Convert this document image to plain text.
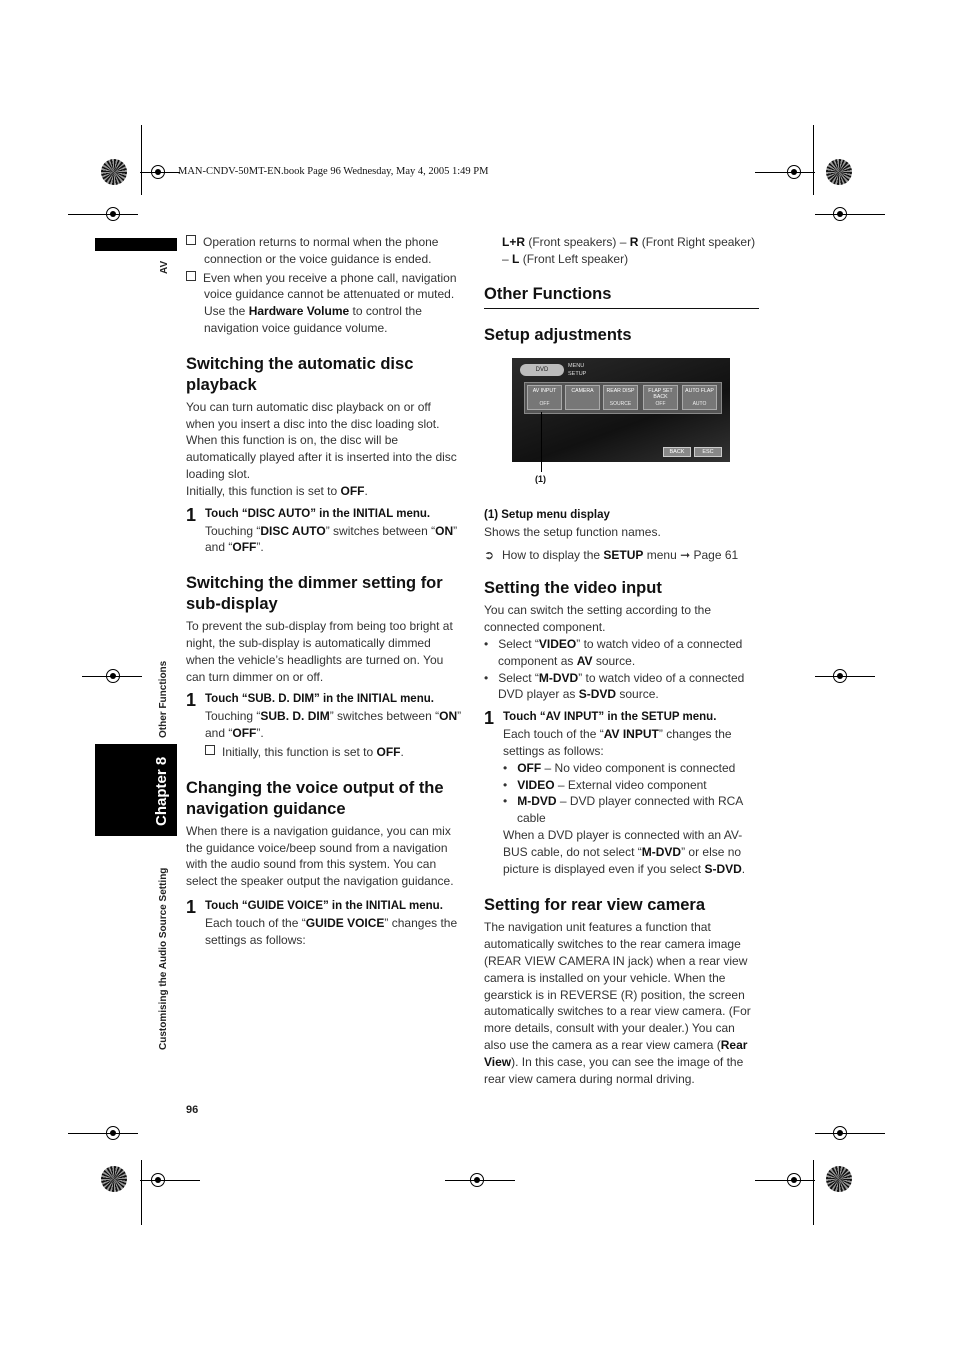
MAN-CNDV-50MT-EN.book Page 96 Wednesday, May 4, 2005 1:49 PM
AV
Chapter 8
Other Functions
Customising the Audio Source Setting
96

Operation returns to normal when the phone connection or the voice guidance is ended.

Even when you receive a phone call, navigation voice guidance cannot be attenuated or muted. Use the Hardware Volume to control the navigation voice guidance volume.

Switching the automatic disc playback

You can turn automatic disc playback on or off when you insert a disc into the disc loading slot. When this function is on, the disc will be automatically played after it is inserted into the disc loading slot.

Initially, this function is set to OFF.

1 Touch “DISC AUTO” in the INITIAL menu.

Touching “DISC AUTO” switches between “ON” and “OFF”.

Switching the dimmer setting for sub-display

To prevent the sub-display from being too bright at night, the sub-display is automatically dimmed when the vehicle’s headlights are turned on. You can turn dimmer on or off.

1 Touch “SUB. D. DIM” in the INITIAL menu.

Touching “SUB. D. DIM” switches between “ON” and “OFF”.

Initially, this function is set to OFF.

Changing the voice output of the navigation guidance

When there is a navigation guidance, you can mix the guidance voice/beep sound from a navigation with the audio sound from this system. You can select the speaker output the navigation guidance.

1 Touch “GUIDE VOICE” in the INITIAL menu.

Each touch of the “GUIDE VOICE” changes the settings as follows:

L+R (Front speakers) – R (Front Right speaker) – L (Front Left speaker)

Other Functions
Setup adjustments
DVD
MENU
SETUP
AV INPUT
OFF
CAMERA	REAR DISP
SOURCE
FLAP SET BACK
OFF
AUTO FLAP
AUTO
BACK	ESC
(1)
(1) Setup menu display

Shows the setup function names.

➲ How to display the SETUP menu ➞ Page 61

Setting the video input

You can switch the setting according to the connected component.

•   Select “VIDEO” to watch video of a connected component as AV source.

•   Select “M-DVD” to watch video of a connected DVD player as S-DVD source.

1 Touch “AV INPUT” in the SETUP menu.

Each touch of the “AV INPUT” changes the settings as follows:

•   OFF – No video component is connected

•   VIDEO – External video component

•   M-DVD – DVD player connected with RCA cable

When a DVD player is connected with an AV-BUS cable, do not select “M-DVD” or else no picture is displayed even if you select S-DVD.

Setting for rear view camera

The navigation unit features a function that automatically switches to the rear camera image (REAR VIEW CAMERA IN jack) when a rear view camera is installed on your vehicle. When the gearstick is in REVERSE (R) position, the screen automatically switches to a rear view camera. (For more details, consult with your dealer.) You can also use the camera as a rear view camera (Rear View). In this case, you can see the image of the rear view camera during normal driving.
